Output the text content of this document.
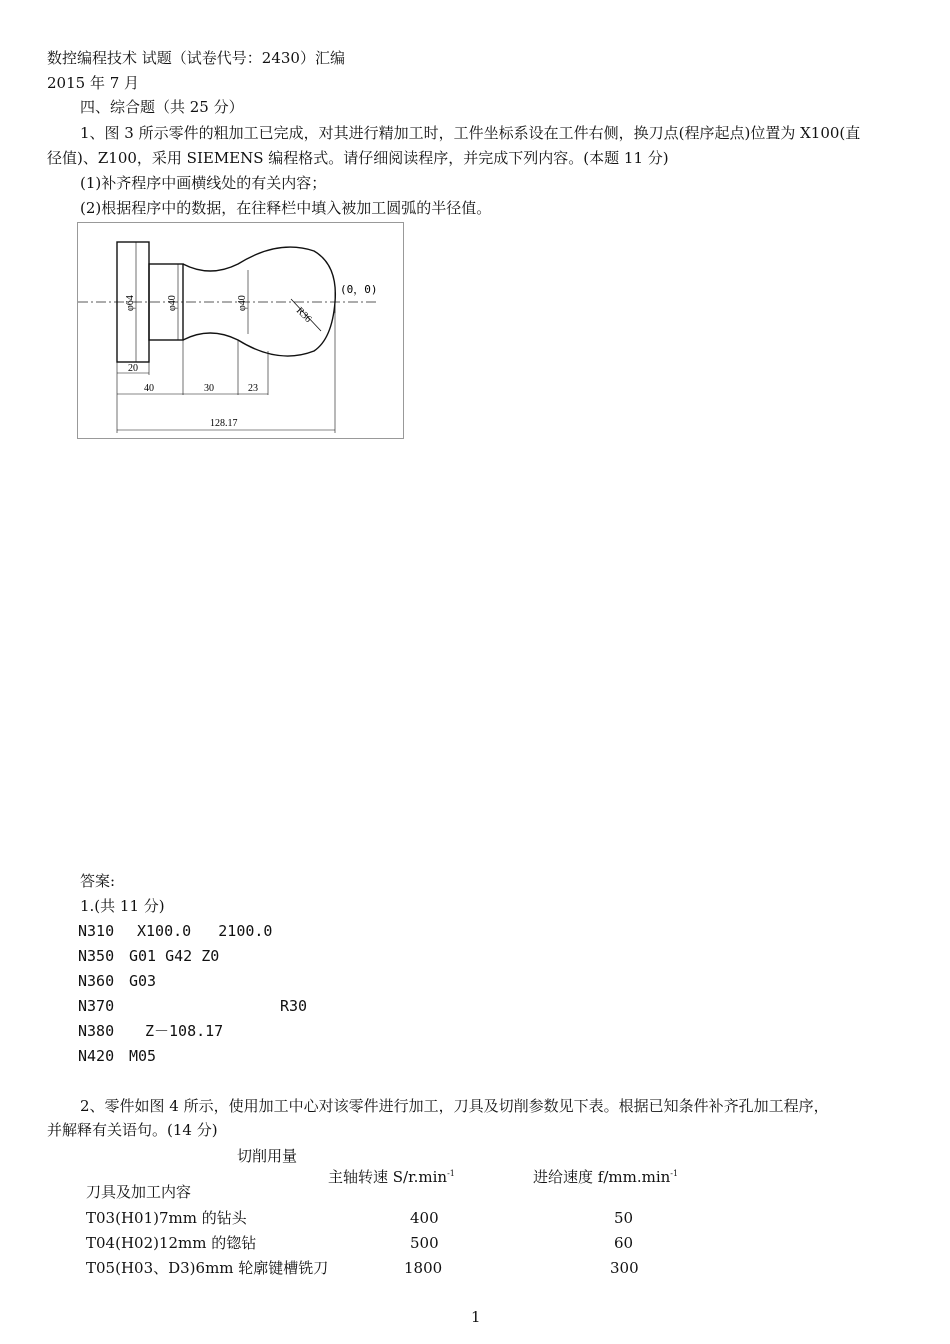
数控编程技术 试题（试卷代号：2430）汇编
2015 年 7 月
四、综合题（共 25 分）
1、图 3 所示零件的粗加工已完成，对其进行精加工时，工件坐标系设在工件右侧，换刀点(程序起点)位置为 X100(直
径值)、Z100，采用 SIEMENS 编程格式。请仔细阅读程序，并完成下列内容。(本题 11 分)
(1)补齐程序中画横线处的有关内容；
(2)根据程序中的数据，在往释栏中填入被加工圆弧的半径值。
(0，0)
φ64	φ40	φ40
R36
20
40	30	23
128.17
答案:
1.(共 11 分)
N310 X100.0   2100.0
N350 G01 G42 Z0
N360 G03
N370	R30
N380 Z－108.17
N420 M05
2、零件如图 4 所示，使用加工中心对该零件进行加工，刀具及切削参数见下表。根据已知条件补齐孔加工程序，
并解释有关语句。(14 分)
切削用量
主轴转速 $S/r.\min^{-1}$	进给速度 $f/mm.\min^{-1}$
刀具及加工内容
T03(H01)7mm 的钻头	400	50
T04(H02)12mm 的锪钻	500	60
T05(H03、D3)6mm 轮廓键槽铣刀	1800	300
1
